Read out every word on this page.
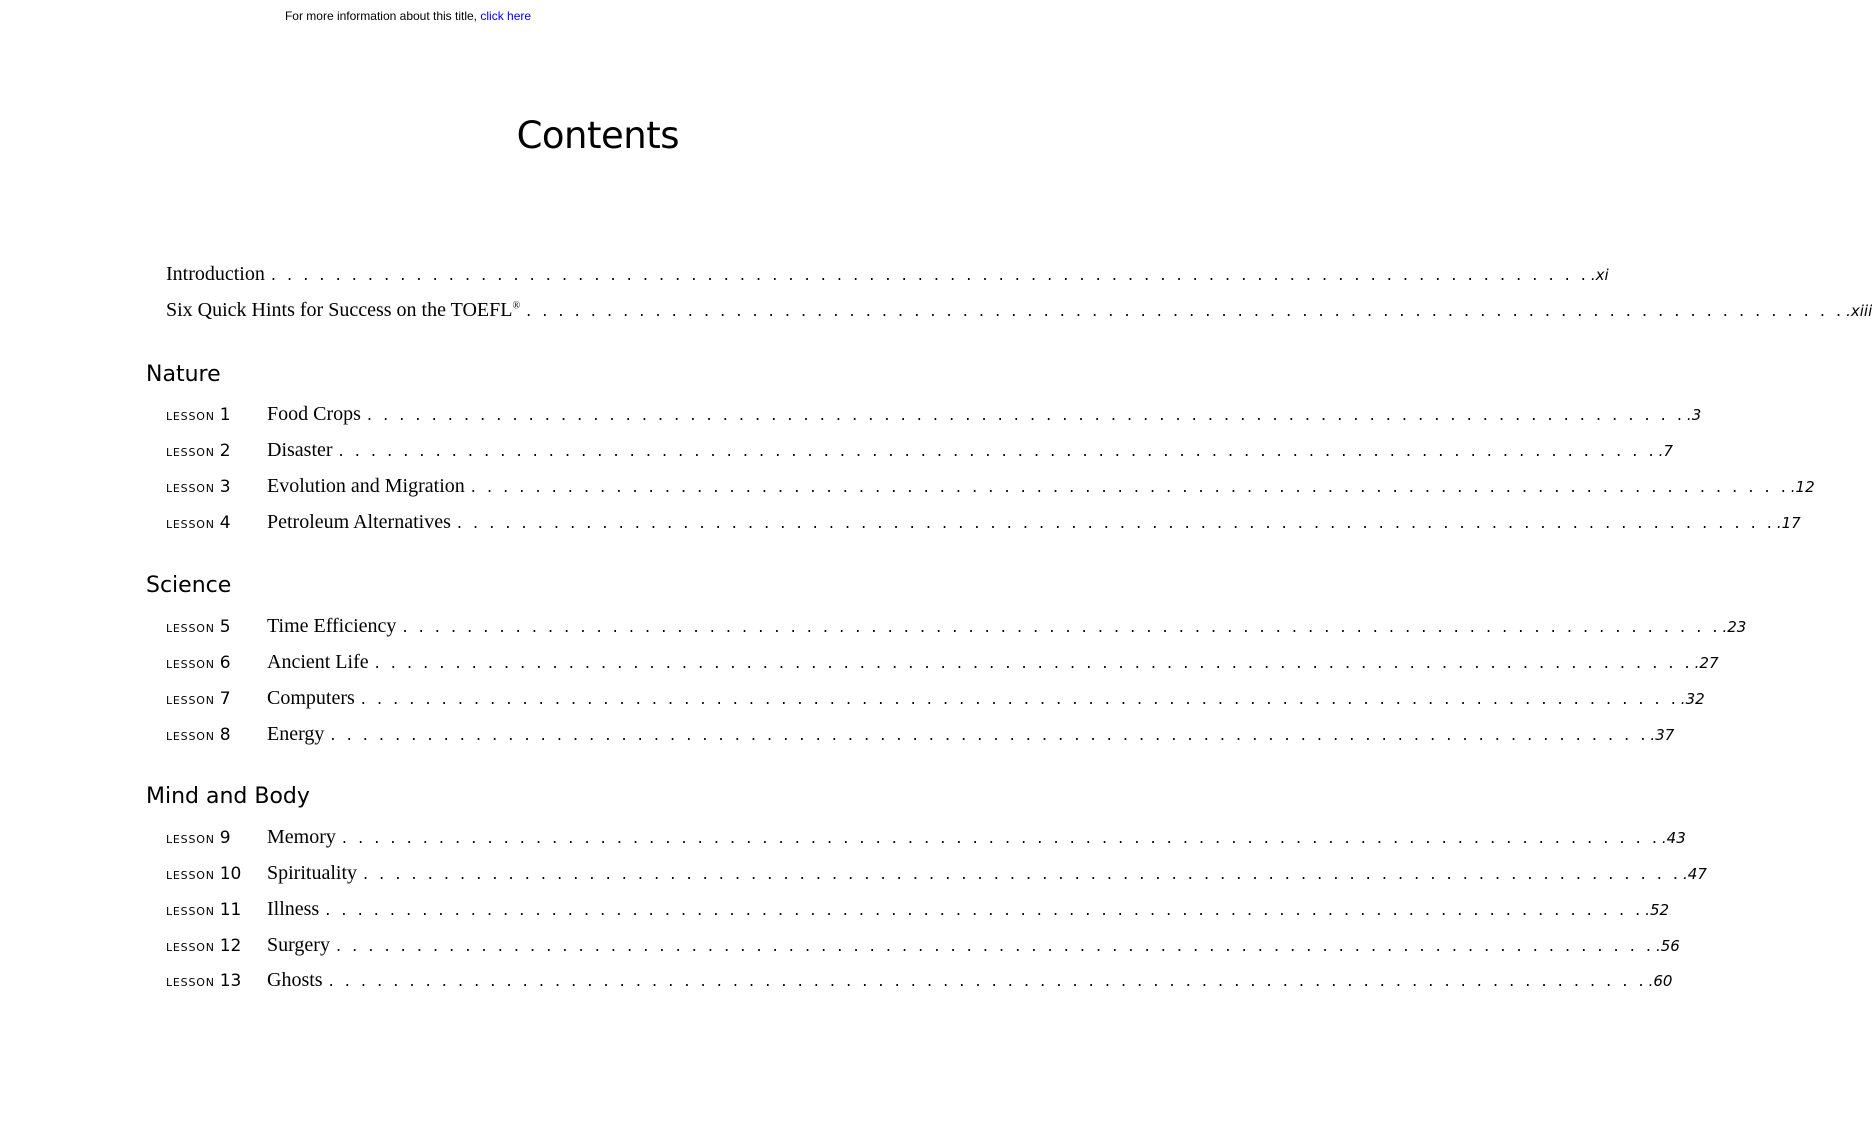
For more information about this title, click here
Contents
Introduction . . . . . . . . . . . . . . . . . . . . . . . . . . . . . . . . . . . . . . . . . . . . . . . . . . . . . . . . . . . . . . . . . . . . . . . . . . . . . . . . . . .xi
Six Quick Hints for Success on the TOEFL® . . . . . . . . . . . . . . . . . . . . . . . . . . . . . . . . . . . . . . . . . . . . . . . . . . . . . . . . . . . . . . . . . . . . . . . . . . . . . . . . . . .xiii
Nature
lesson 1	Food Crops . . . . . . . . . . . . . . . . . . . . . . . . . . . . . . . . . . . . . . . . . . . . . . . . . . . . . . . . . . . . . . . . . . . . . . . . . . . . . . . . . . .3
lesson 2	Disaster . . . . . . . . . . . . . . . . . . . . . . . . . . . . . . . . . . . . . . . . . . . . . . . . . . . . . . . . . . . . . . . . . . . . . . . . . . . . . . . . . . .7
lesson 3	Evolution and Migration . . . . . . . . . . . . . . . . . . . . . . . . . . . . . . . . . . . . . . . . . . . . . . . . . . . . . . . . . . . . . . . . . . . . . . . . . . . . . . . . . . .12
lesson 4	Petroleum Alternatives . . . . . . . . . . . . . . . . . . . . . . . . . . . . . . . . . . . . . . . . . . . . . . . . . . . . . . . . . . . . . . . . . . . . . . . . . . . . . . . . . . .17
Science
lesson 5	Time Efficiency . . . . . . . . . . . . . . . . . . . . . . . . . . . . . . . . . . . . . . . . . . . . . . . . . . . . . . . . . . . . . . . . . . . . . . . . . . . . . . . . . . .23
lesson 6	Ancient Life . . . . . . . . . . . . . . . . . . . . . . . . . . . . . . . . . . . . . . . . . . . . . . . . . . . . . . . . . . . . . . . . . . . . . . . . . . . . . . . . . . .27
lesson 7	Computers . . . . . . . . . . . . . . . . . . . . . . . . . . . . . . . . . . . . . . . . . . . . . . . . . . . . . . . . . . . . . . . . . . . . . . . . . . . . . . . . . . .32
lesson 8	Energy . . . . . . . . . . . . . . . . . . . . . . . . . . . . . . . . . . . . . . . . . . . . . . . . . . . . . . . . . . . . . . . . . . . . . . . . . . . . . . . . . . .37
Mind and Body
lesson 9	Memory . . . . . . . . . . . . . . . . . . . . . . . . . . . . . . . . . . . . . . . . . . . . . . . . . . . . . . . . . . . . . . . . . . . . . . . . . . . . . . . . . . .43
lesson 10	Spirituality . . . . . . . . . . . . . . . . . . . . . . . . . . . . . . . . . . . . . . . . . . . . . . . . . . . . . . . . . . . . . . . . . . . . . . . . . . . . . . . . . . .47
lesson 11	Illness . . . . . . . . . . . . . . . . . . . . . . . . . . . . . . . . . . . . . . . . . . . . . . . . . . . . . . . . . . . . . . . . . . . . . . . . . . . . . . . . . . .52
lesson 12	Surgery . . . . . . . . . . . . . . . . . . . . . . . . . . . . . . . . . . . . . . . . . . . . . . . . . . . . . . . . . . . . . . . . . . . . . . . . . . . . . . . . . . .56
lesson 13	Ghosts . . . . . . . . . . . . . . . . . . . . . . . . . . . . . . . . . . . . . . . . . . . . . . . . . . . . . . . . . . . . . . . . . . . . . . . . . . . . . . . . . . .60
